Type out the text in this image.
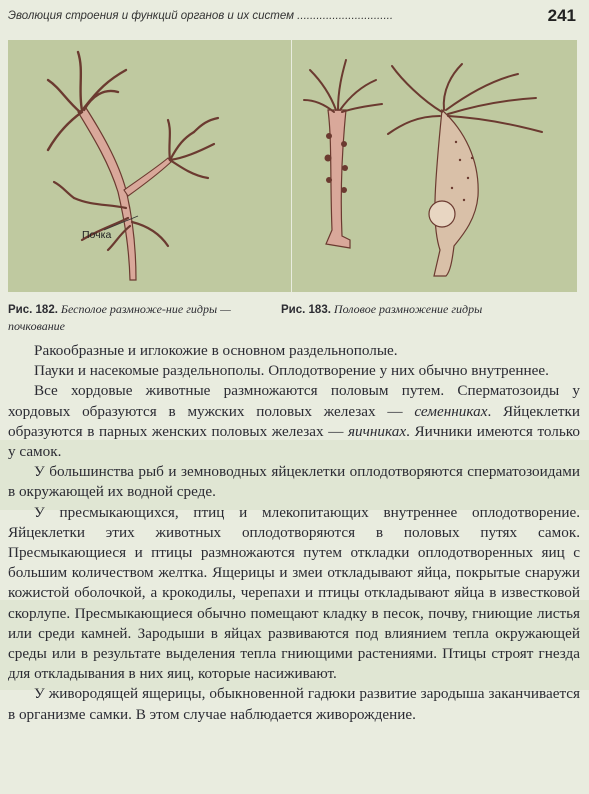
Эволюция строения и функций органов и их систем ..............................	241
Почка
Рис. 182. Бесполое размноже-ние гидры — почкование
Рис. 183. Половое размножение гидры

Ракообразные и иглокожие в основном раздельнополые.

Пауки и насекомые раздельнополы. Оплодотворение у них обычно внутреннее.

Все хордовые животные размножаются половым путем. Сперматозоиды у хордовых образуются в мужских половых железах — семенниках. Яйцеклетки образуются в парных женских половых железах — яичниках. Яичники имеются только у самок.

У большинства рыб и земноводных яйцеклетки оплодотворяются сперматозоидами в окружающей их водной среде.

У пресмыкающихся, птиц и млекопитающих внутреннее оплодотворение. Яйцеклетки этих животных оплодотворяются в половых путях самок. Пресмыкающиеся и птицы размножаются путем откладки оплодотворенных яиц с большим количеством желтка. Ящерицы и змеи откладывают яйца, покрытые снаружи кожистой оболочкой, а крокодилы, черепахи и птицы откладывают яйца в известковой скорлупе. Пресмыкающиеся обычно помещают кладку в песок, почву, гниющие листья или среди камней. Зародыши в яйцах развиваются под влиянием тепла окружающей среды или в результате выделения тепла гниющими растениями. Птицы строят гнезда для откладывания в них яиц, которые насиживают.

У живородящей ящерицы, обыкновенной гадюки развитие зародыша заканчивается в организме самки. В этом случае наблюдается живорождение.
